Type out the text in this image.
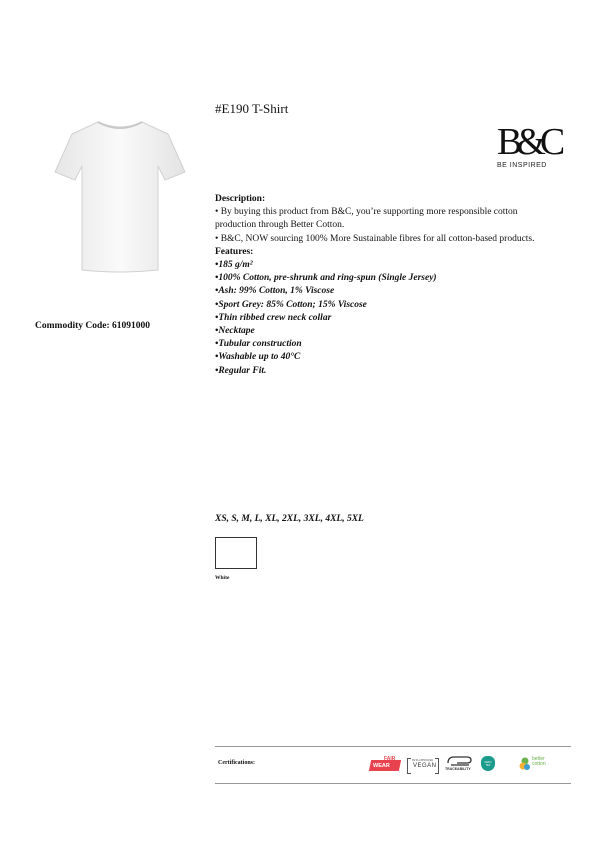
Commodity Code: 61091000
#E190 T-Shirt
B&C
BE INSPIRED
Description:
• By buying this product from B&C, you’re supporting more responsible cotton production through Better Cotton.
• B&C, NOW sourcing 100% More Sustainable fibres for all cotton-based products.
Features:
•185 g/m²
•100% Cotton, pre-shrunk and ring-spun (Single Jersey)
•Ash: 99% Cotton, 1% Viscose
•Sport Grey: 85% Cotton; 15% Viscose
•Thin ribbed crew neck collar
•Necktape
•Tubular construction
•Washable up to 40°C
•Regular Fit.
XS, S, M, L, XL, 2XL, 3XL, 4XL, 5XL
White
Certifications:
FAIR
WEAR
PETA-APPROVED
VEGAN TRACEABILITY
OEKO TEX
better
cotton
